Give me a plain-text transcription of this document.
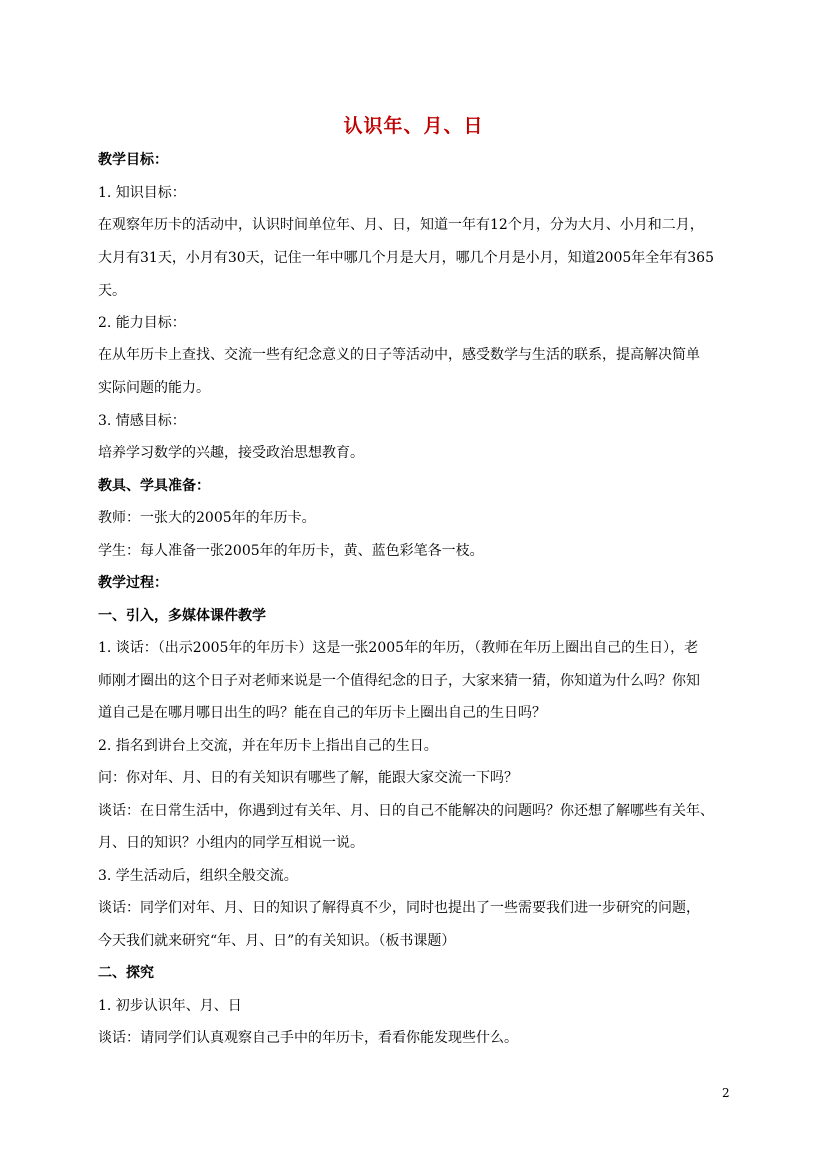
认识年、月、日
教学目标：
1. 知识目标：
在观察年历卡的活动中，认识时间单位年、月、日，知道一年有12个月，分为大月、小月和二月，
大月有31天，小月有30天，记住一年中哪几个月是大月，哪几个月是小月，知道2005年全年有365
天。
2. 能力目标：
在从年历卡上查找、交流一些有纪念意义的日子等活动中，感受数学与生活的联系，提高解决简单
实际问题的能力。
3. 情感目标：
培养学习数学的兴趣，接受政治思想教育。
教具、学具准备：
教师：一张大的2005年的年历卡。
学生：每人准备一张2005年的年历卡，黄、蓝色彩笔各一枝。
教学过程：
一、引入，多媒体课件教学
1. 谈话：（出示2005年的年历卡）这是一张2005年的年历，（教师在年历上圈出自己的生日），老
师刚才圈出的这个日子对老师来说是一个值得纪念的日子，大家来猜一猜，你知道为什么吗？你知
道自己是在哪月哪日出生的吗？能在自己的年历卡上圈出自己的生日吗？
2. 指名到讲台上交流，并在年历卡上指出自己的生日。
问：你对年、月、日的有关知识有哪些了解，能跟大家交流一下吗？
谈话：在日常生活中，你遇到过有关年、月、日的自己不能解决的问题吗？你还想了解哪些有关年、
月、日的知识？小组内的同学互相说一说。
3. 学生活动后，组织全般交流。
谈话：同学们对年、月、日的知识了解得真不少，同时也提出了一些需要我们进一步研究的问题，
今天我们就来研究“年、月、日”的有关知识。（板书课题）
二、探究
1. 初步认识年、月、日
谈话：请同学们认真观察自己手中的年历卡，看看你能发现些什么。
2
